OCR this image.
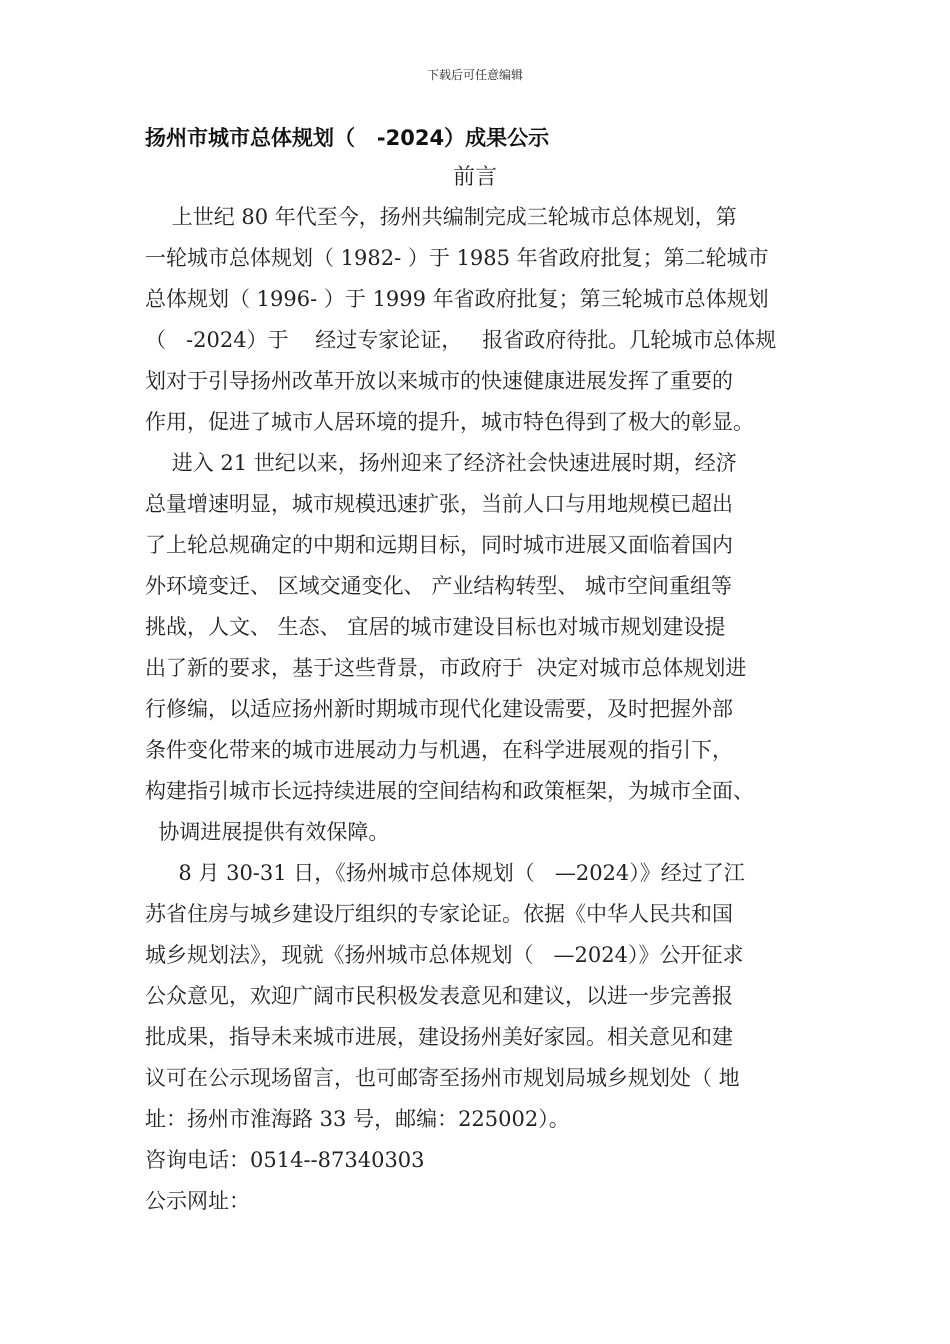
下载后可任意编辑
扬州市城市总体规划（   -2024）成果公示
前言
上世纪 80 年代至今，扬州共编制完成三轮城市总体规划，第
一轮城市总体规划（ 1982- ）于 1985 年省政府批复；第二轮城市
总体规划（ 1996- ）于 1999 年省政府批复；第三轮城市总体规划
（   -2024）于    经过专家论证，   报省政府待批。几轮城市总体规
划对于引导扬州改革开放以来城市的快速健康进展发挥了重要的
作用，促进了城市人居环境的提升，城市特色得到了极大的彰显。
进入 21 世纪以来，扬州迎来了经济社会快速进展时期，经济
总量增速明显，城市规模迅速扩张，当前人口与用地规模已超出
了上轮总规确定的中期和远期目标，同时城市进展又面临着国内
外环境变迁、 区域交通变化、 产业结构转型、 城市空间重组等
挑战，人文、 生态、 宜居的城市建设目标也对城市规划建设提
出了新的要求，基于这些背景，市政府于  决定对城市总体规划进
行修编，以适应扬州新时期城市现代化建设需要，及时把握外部
条件变化带来的城市进展动力与机遇，在科学进展观的指引下，
构建指引城市长远持续进展的空间结构和政策框架，为城市全面、
协调进展提供有效保障。
8 月 30-31 日，《扬州城市总体规划（   —2024）》经过了江
苏省住房与城乡建设厅组织的专家论证。依据《中华人民共和国
城乡规划法》，现就《扬州城市总体规划（   —2024）》公开征求
公众意见，欢迎广阔市民积极发表意见和建议，以进一步完善报
批成果，指导未来城市进展，建设扬州美好家园。相关意见和建
议可在公示现场留言，也可邮寄至扬州市规划局城乡规划处（ 地
址：扬州市淮海路 33 号，邮编：225002）。
咨询电话：0514--87340303
公示网址：
